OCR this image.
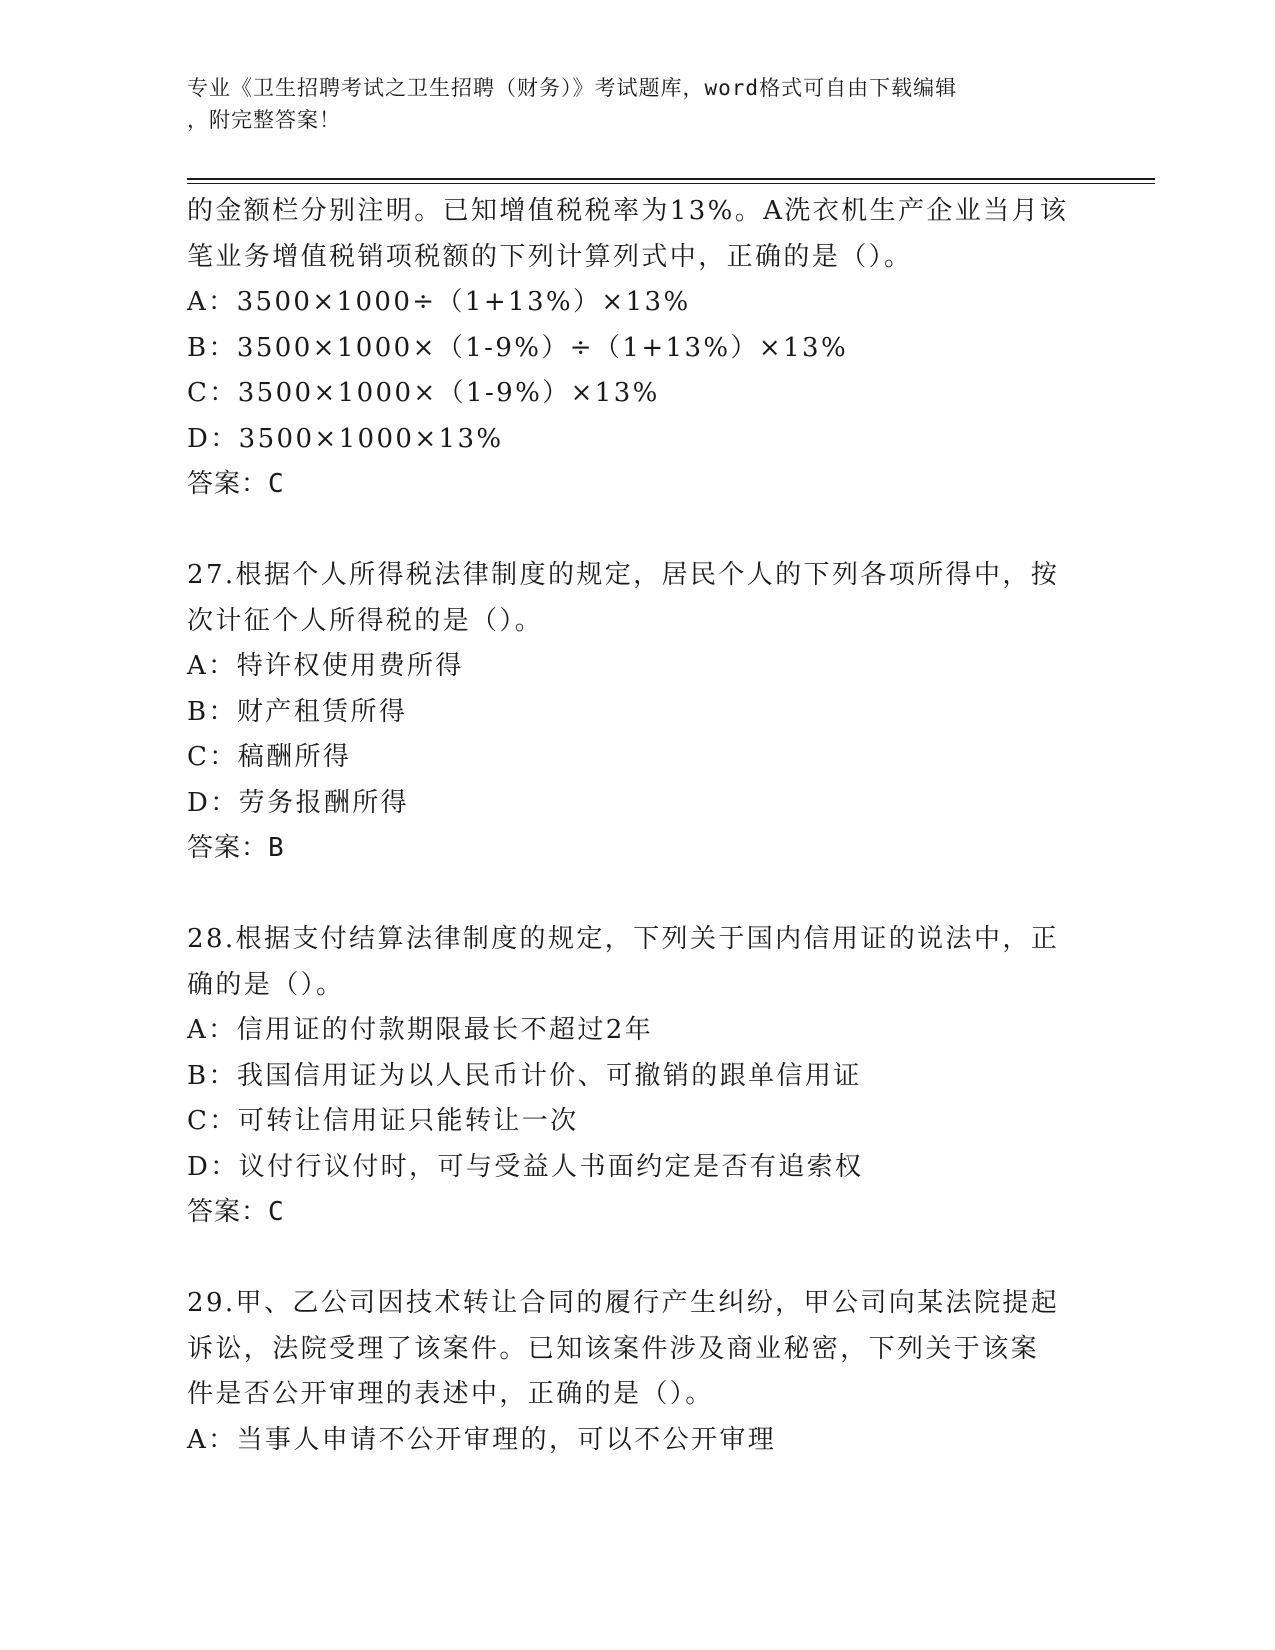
专业《卫生招聘考试之卫生招聘（财务）》考试题库，word格式可自由下载编辑
，附完整答案！
的金额栏分别注明。已知增值税税率为13%。A洗衣机生产企业当月该
笔业务增值税销项税额的下列计算列式中，正确的是（）。
A：3500×1000÷（1+13%）×13%
B：3500×1000×（1-9%）÷（1+13%）×13%
C：3500×1000×（1-9%）×13%
D：3500×1000×13%
答案：C
27.根据个人所得税法律制度的规定，居民个人的下列各项所得中，按
次计征个人所得税的是（）。
A：特许权使用费所得
B：财产租赁所得
C：稿酬所得
D：劳务报酬所得
答案：B
28.根据支付结算法律制度的规定，下列关于国内信用证的说法中，正
确的是（）。
A：信用证的付款期限最长不超过2年
B：我国信用证为以人民币计价、可撤销的跟单信用证
C：可转让信用证只能转让一次
D：议付行议付时，可与受益人书面约定是否有追索权
答案：C
29.甲、乙公司因技术转让合同的履行产生纠纷，甲公司向某法院提起
诉讼，法院受理了该案件。已知该案件涉及商业秘密，下列关于该案
件是否公开审理的表述中，正确的是（）。
A：当事人申请不公开审理的，可以不公开审理
